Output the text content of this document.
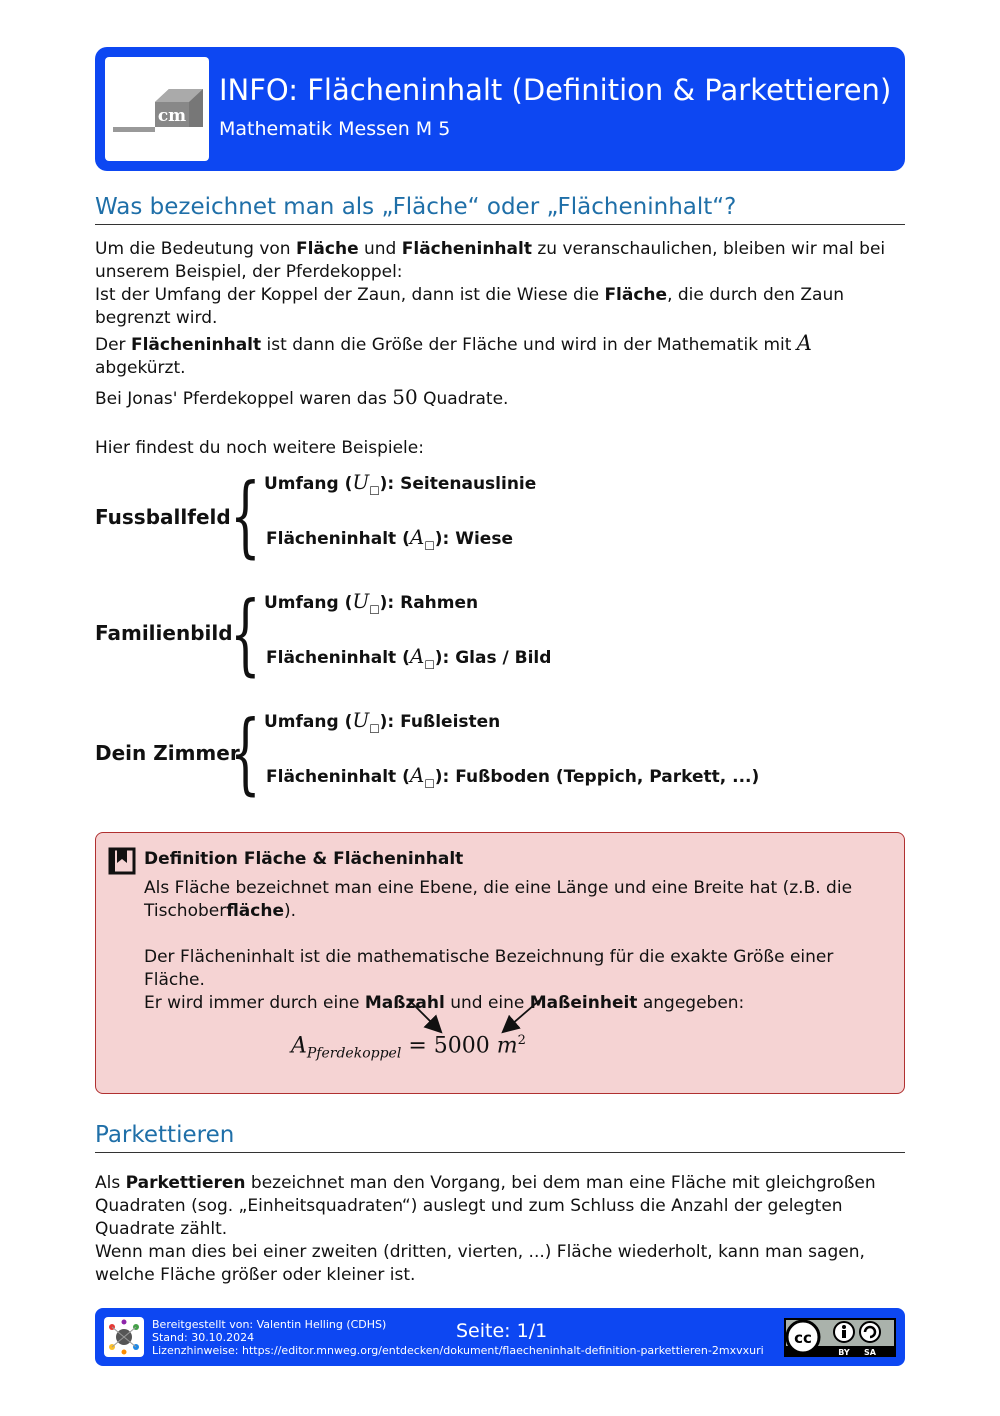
cm
INFO: Flächeninhalt (Definition & Parkettieren)
Mathematik Messen M 5
Was bezeichnet man als „Fläche“ oder „Flächeninhalt“?

Um die Bedeutung von Fläche und Flächeninhalt zu veranschaulichen, bleiben wir mal bei unserem Beispiel, der Pferdekoppel:

Ist der Umfang der Koppel der Zaun, dann ist die Wiese die Fläche, die durch den Zaun begrenzt wird.

Der Flächeninhalt ist dann die Größe der Fläche und wird in der Mathematik mit A abgekürzt.

Bei Jonas' Pferdekoppel waren das 50 Quadrate.

Hier findest du noch weitere Beispiele:

Fussballfeld { Umfang $(U_□)$: Seitenauslinie
Flächeninhalt $(A_□)$: Wiese
Familienbild
{ Umfang $(U_□)$: Rahmen
Flächeninhalt $(A_□)$: Glas / Bild
Dein Zimmer
{ Umfang $(U_□)$: Fußleisten
Flächeninhalt $(A_□)$: Fußboden (Teppich, Parkett, ...)
Definition Fläche & Flächeninhalt

Als Fläche bezeichnet man eine Ebene, die eine Länge und eine Breite hat (z.B. die Tischoberfläche).

Der Flächeninhalt ist die mathematische Bezeichnung für die exakte Größe einer Fläche.

Er wird immer durch eine Maßzahl und eine Maßeinheit angegeben:

$A_{Pferdekoppel} = 5000$ $m^2$
Parkettieren

Als Parkettieren bezeichnet man den Vorgang, bei dem man eine Fläche mit gleichgroßen Quadraten (sog. „Einheitsquadraten“) auslegt und zum Schluss die Anzahl der gelegten Quadrate zählt.

Wenn man dies bei einer zweiten (dritten, vierten, ...) Fläche wiederholt, kann man sagen, welche Fläche größer oder kleiner ist.

Bereitgestellt von: Valentin Helling (CDHS)
Stand: 30.10.2024
Lizenzhinweise: https://editor.mnweg.org/entdecken/dokument/flaecheninhalt-definition-parkettieren-2mxvxuri
Seite: 1/1	cc
BY SA
